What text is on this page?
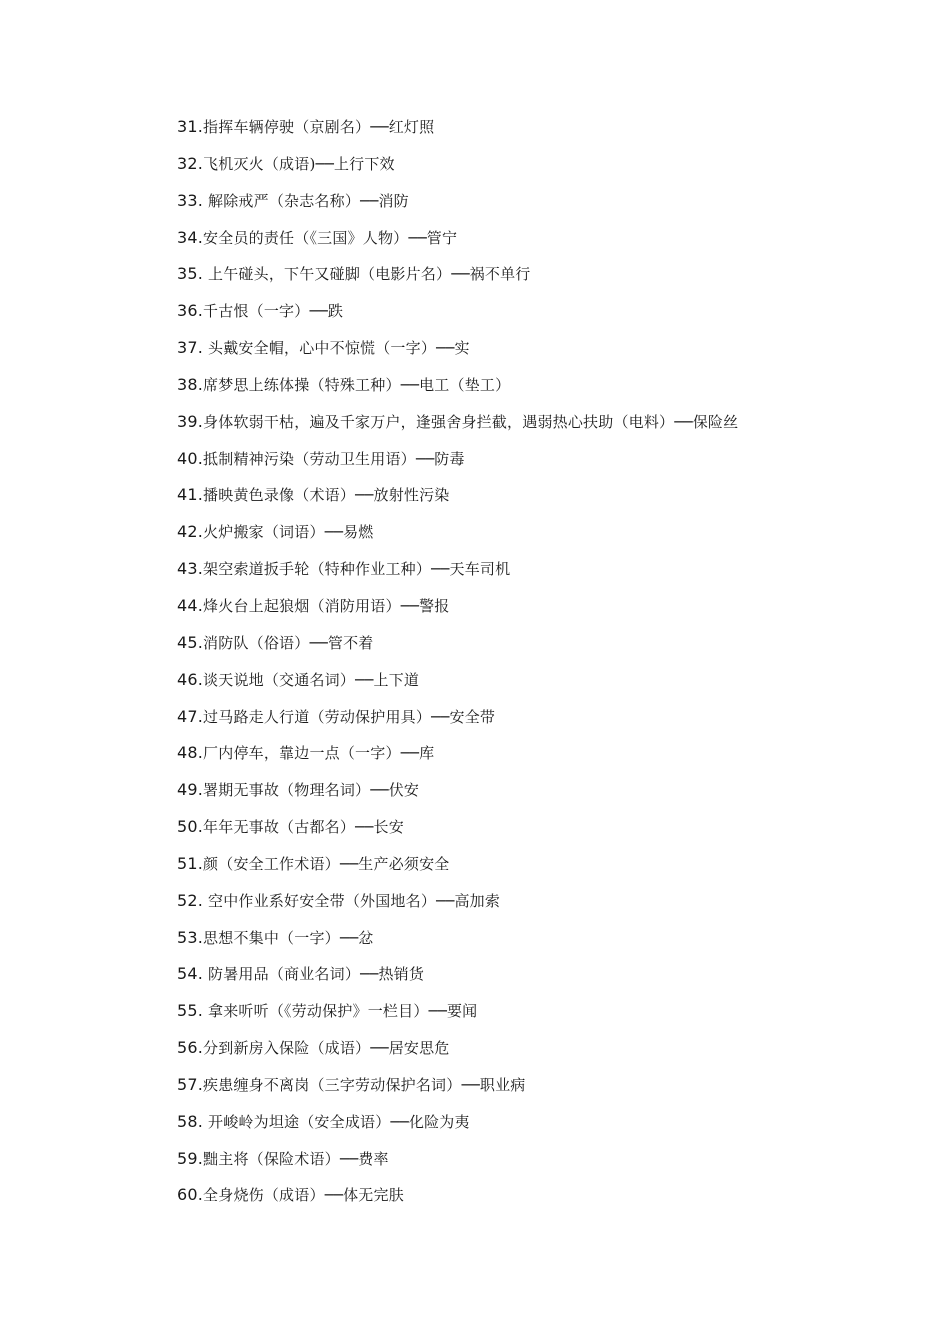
31.指挥车辆停驶（京剧名）──红灯照
32.飞机灭火（成语)──上行下效
33. 解除戒严（杂志名称）──消防
34.安全员的责任（《三国》人物）──管宁
35. 上午碰头，下午又碰脚（电影片名）──祸不单行
36.千古恨（一字）──跌
37. 头戴安全帽，心中不惊慌（一字）──实
38.席梦思上练体操（特殊工种）──电工（垫工）
39.身体软弱干枯，遍及千家万户，逢强舍身拦截，遇弱热心扶助（电料）──保险丝
40.抵制精神污染（劳动卫生用语）──防毒
41.播映黄色录像（术语）──放射性污染
42.火炉搬家（词语）──易燃
43.架空索道扳手轮（特种作业工种）──天车司机
44.烽火台上起狼烟（消防用语）──警报
45.消防队（俗语）──管不着
46.谈天说地（交通名词）──上下道
47.过马路走人行道（劳动保护用具）──安全带
48.厂内停车，靠边一点（一字）──库
49.署期无事故（物理名词）──伏安
50.年年无事故（古都名）──长安
51.颜（安全工作术语）──生产必须安全
52. 空中作业系好安全带（外国地名）──高加索
53.思想不集中（一字）──忿
54. 防暑用品（商业名词）──热销货
55. 拿来听听（《劳动保护》一栏目）──要闻
56.分到新房入保险（成语）──居安思危
57.疾患缠身不离岗（三字劳动保护名词）──职业病
58. 开峻岭为坦途（安全成语）──化险为夷
59.黜主将（保险术语）──费率
60.全身烧伤（成语）──体无完肤
